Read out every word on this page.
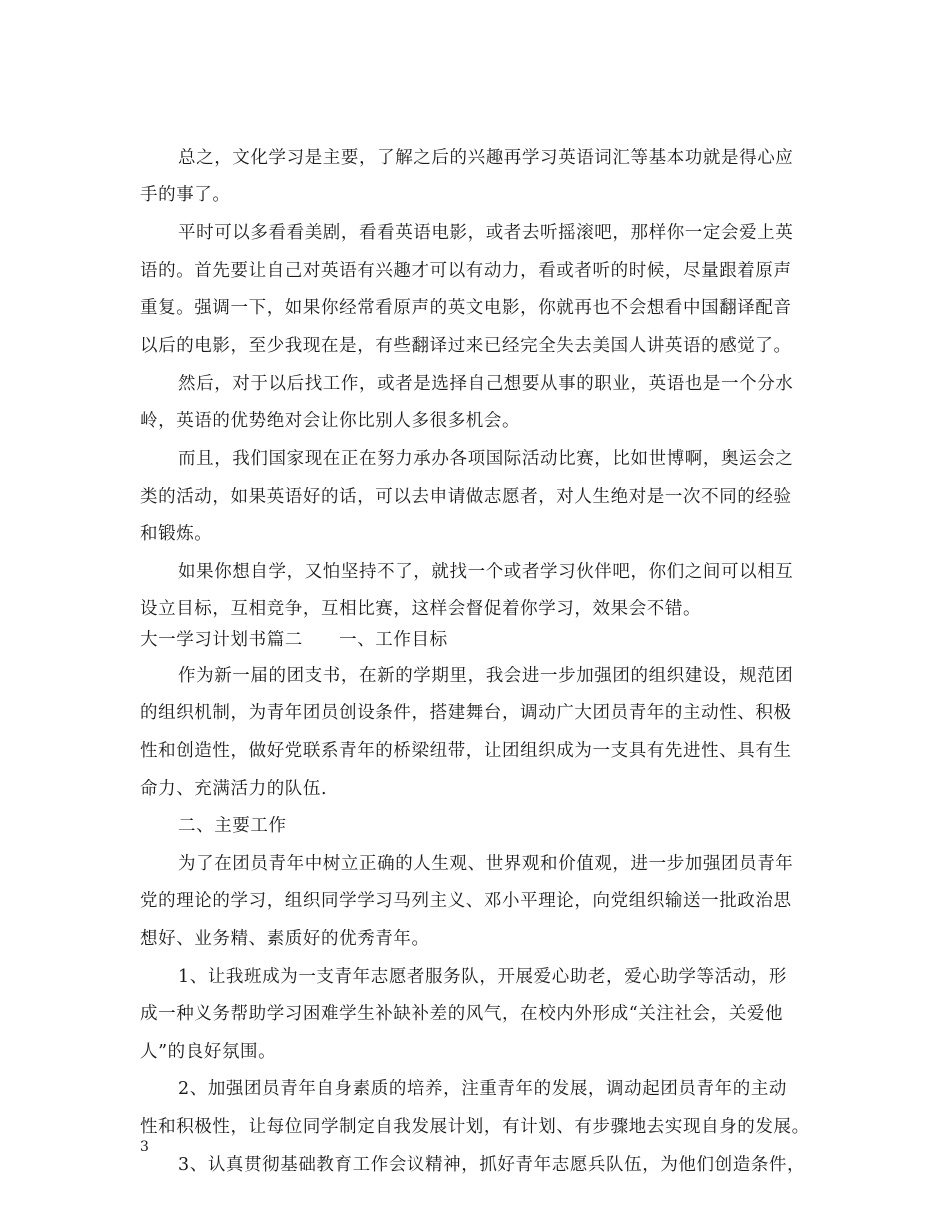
总之，文化学习是主要，了解之后的兴趣再学习英语词汇等基本功就是得心应
手的事了。
平时可以多看看美剧，看看英语电影，或者去听摇滚吧，那样你一定会爱上英
语的。首先要让自己对英语有兴趣才可以有动力，看或者听的时候，尽量跟着原声
重复。强调一下，如果你经常看原声的英文电影，你就再也不会想看中国翻译配音
以后的电影，至少我现在是，有些翻译过来已经完全失去美国人讲英语的感觉了。
然后，对于以后找工作，或者是选择自己想要从事的职业，英语也是一个分水
岭，英语的优势绝对会让你比别人多很多机会。
而且，我们国家现在正在努力承办各项国际活动比赛，比如世博啊，奥运会之
类的活动，如果英语好的话，可以去申请做志愿者，对人生绝对是一次不同的经验
和锻炼。
如果你想自学，又怕坚持不了，就找一个或者学习伙伴吧，你们之间可以相互
设立目标，互相竞争，互相比赛，这样会督促着你学习，效果会不错。
大一学习计划书篇二　　一、工作目标
作为新一届的团支书，在新的学期里，我会进一步加强团的组织建设，规范团
的组织机制，为青年团员创设条件，搭建舞台，调动广大团员青年的主动性、积极
性和创造性，做好党联系青年的桥梁纽带，让团组织成为一支具有先进性、具有生
命力、充满活力的队伍.
二、主要工作
为了在团员青年中树立正确的人生观、世界观和价值观，进一步加强团员青年
党的理论的学习，组织同学学习马列主义、邓小平理论，向党组织输送一批政治思
想好、业务精、素质好的优秀青年。
1、让我班成为一支青年志愿者服务队，开展爱心助老，爱心助学等活动，形
成一种义务帮助学习困难学生补缺补差的风气，在校内外形成“关注社会，关爱他
人”的良好氛围。
2、加强团员青年自身素质的培养，注重青年的发展，调动起团员青年的主动
性和积极性，让每位同学制定自我发展计划，有计划、有步骤地去实现自身的发展。
3、认真贯彻基础教育工作会议精神，抓好青年志愿兵队伍，为他们创造条件，
3
